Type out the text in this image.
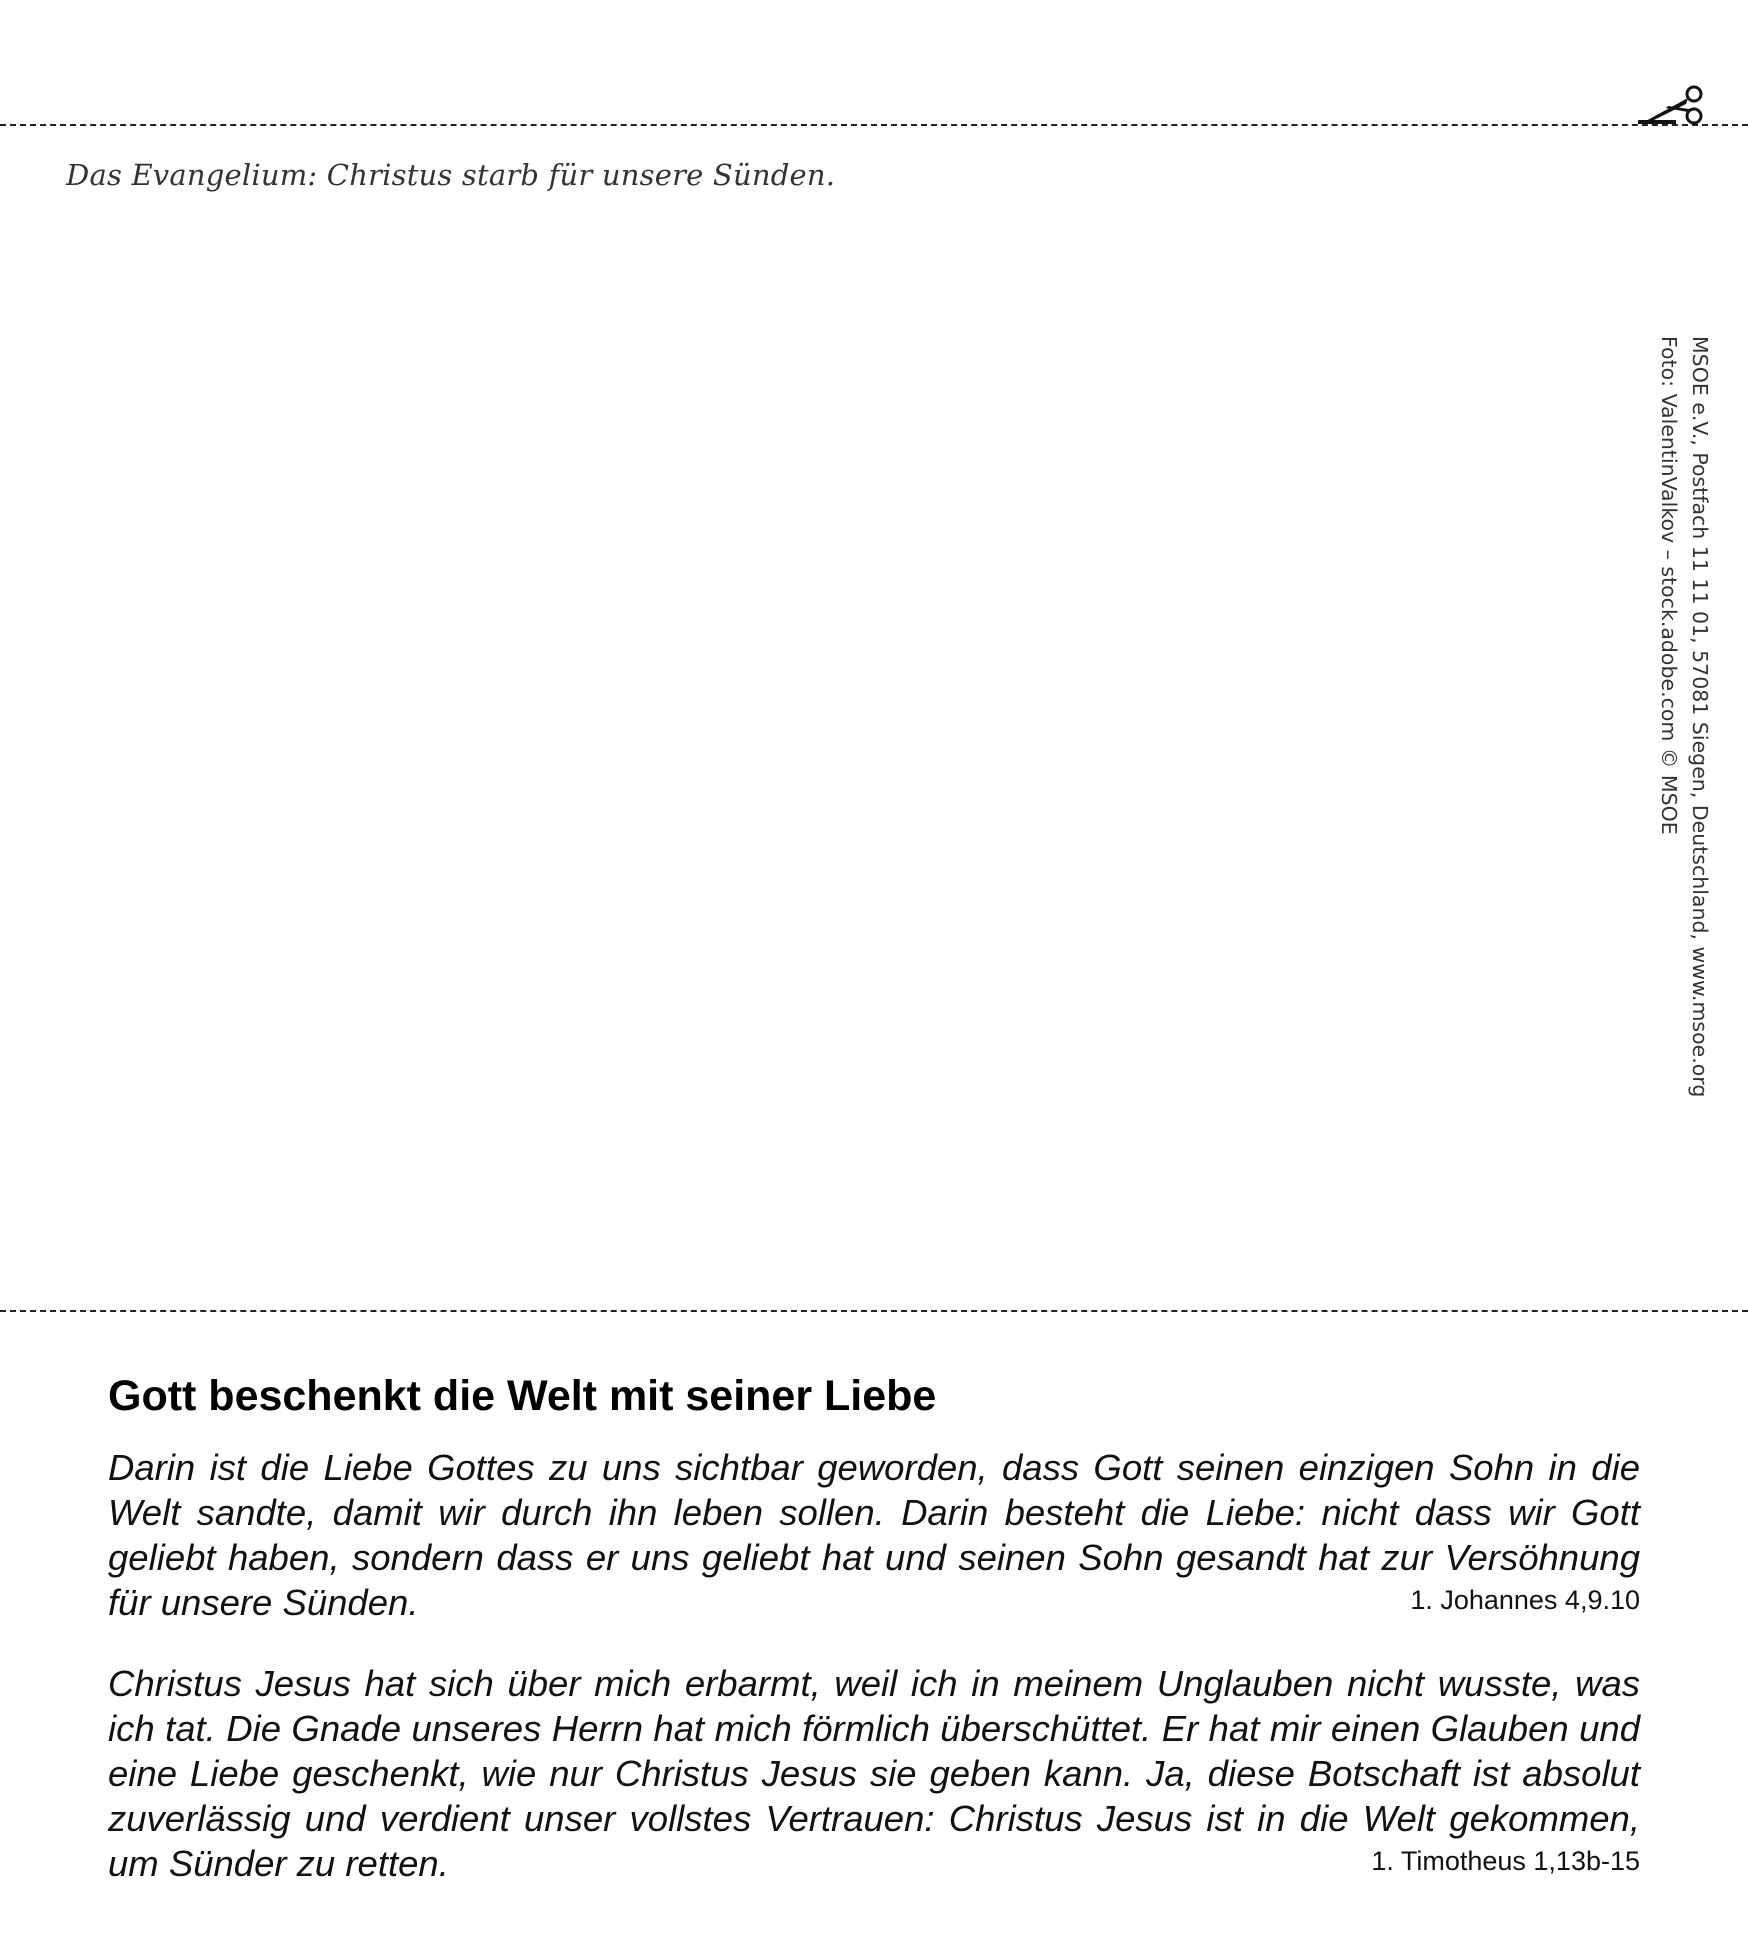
Das Evangelium: Christus starb für unsere Sünden.
MSOE e.V., Postfach 11 11 01, 57081 Siegen, Deutschland, www.msoe.org
Foto: ValentinValkov – stock.adobe.com © MSOE
Gott beschenkt die Welt mit seiner Liebe

Darin ist die Liebe Gottes zu uns sichtbar geworden, dass Gott seinen einzigen Sohn in die Welt sandte, damit wir durch ihn leben sollen. Darin besteht die Liebe: nicht dass wir Gott geliebt haben, sondern dass er uns geliebt hat und seinen Sohn gesandt hat zur Versöhnung für unsere Sünden.	1. Johannes 4,9.10

Christus Jesus hat sich über mich erbarmt, weil ich in meinem Unglauben nicht wusste, was ich tat. Die Gnade unseres Herrn hat mich förmlich überschüttet. Er hat mir einen Glauben und eine Liebe geschenkt, wie nur Christus Jesus sie geben kann. Ja, diese Botschaft ist absolut zuverlässig und verdient unser vollstes Vertrauen: Christus Jesus ist in die Welt gekommen, um Sünder zu retten.	1. Timotheus 1,13b-15
